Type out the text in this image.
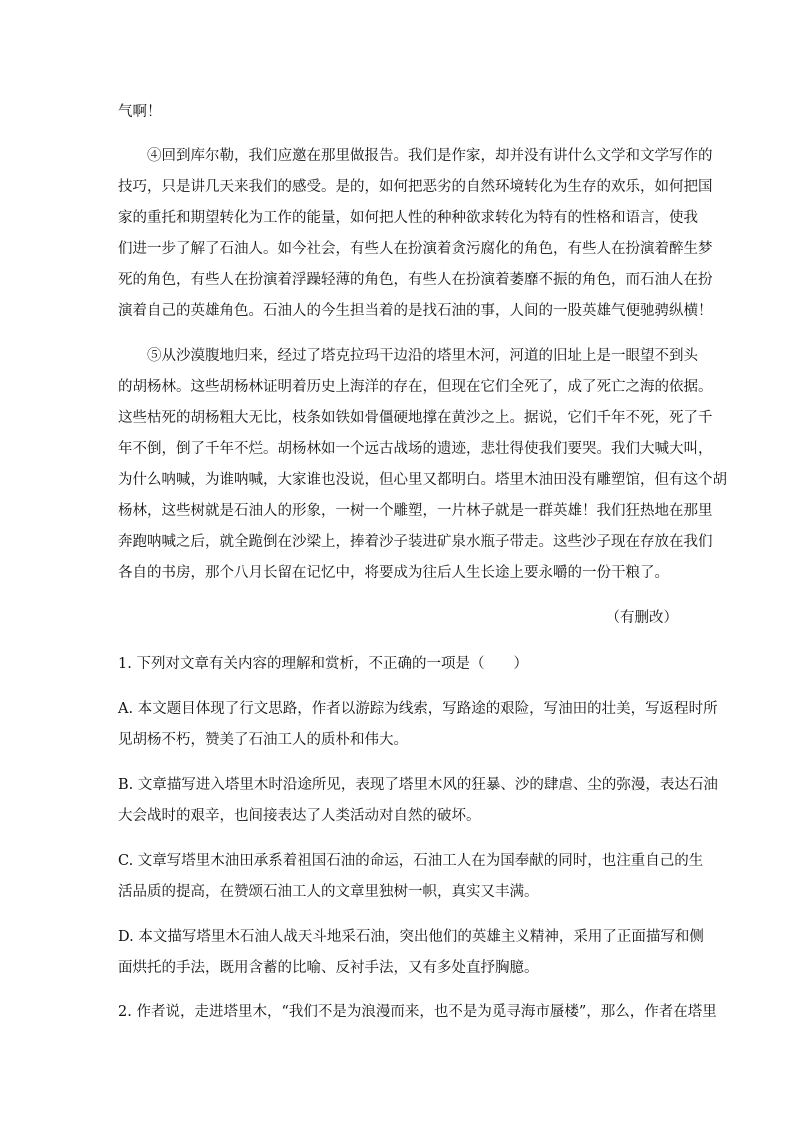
气啊！
④回到库尔勒，我们应邀在那里做报告。我们是作家，却并没有讲什么文学和文学写作的
技巧，只是讲几天来我们的感受。是的，如何把恶劣的自然环境转化为生存的欢乐，如何把国
家的重托和期望转化为工作的能量，如何把人性的种种欲求转化为特有的性格和语言，使我
们进一步了解了石油人。如今社会，有些人在扮演着贪污腐化的角色，有些人在扮演着醉生梦
死的角色，有些人在扮演着浮躁轻薄的角色，有些人在扮演着萎靡不振的角色，而石油人在扮
演着自己的英雄角色。石油人的今生担当着的是找石油的事，人间的一股英雄气便驰骋纵横！
⑤从沙漠腹地归来，经过了塔克拉玛干边沿的塔里木河，河道的旧址上是一眼望不到头
的胡杨林。这些胡杨林证明着历史上海洋的存在，但现在它们全死了，成了死亡之海的依据。
这些枯死的胡杨粗大无比，枝条如铁如骨僵硬地撑在黄沙之上。据说，它们千年不死，死了千
年不倒，倒了千年不烂。胡杨林如一个远古战场的遗迹，悲壮得使我们要哭。我们大喊大叫，
为什么呐喊，为谁呐喊，大家谁也没说，但心里又都明白。塔里木油田没有雕塑馆，但有这个胡
杨林，这些树就是石油人的形象，一树一个雕塑，一片林子就是一群英雄！我们狂热地在那里
奔跑呐喊之后，就全跪倒在沙梁上，捧着沙子装进矿泉水瓶子带走。这些沙子现在存放在我们
各自的书房，那个八月长留在记忆中，将要成为往后人生长途上要永嚼的一份干粮了。
（有删改）
1. 下列对文章有关内容的理解和赏析，不正确的一项是（　　）
A. 本文题目体现了行文思路，作者以游踪为线索，写路途的艰险，写油田的壮美，写返程时所
见胡杨不朽，赞美了石油工人的质朴和伟大。
B. 文章描写进入塔里木时沿途所见，表现了塔里木风的狂暴、沙的肆虐、尘的弥漫，表达石油
大会战时的艰辛，也间接表达了人类活动对自然的破坏。
C. 文章写塔里木油田承系着祖国石油的命运，石油工人在为国奉献的同时，也注重自己的生
活品质的提高，在赞颂石油工人的文章里独树一帜，真实又丰满。
D. 本文描写塔里木石油人战天斗地采石油，突出他们的英雄主义精神，采用了正面描写和侧
面烘托的手法，既用含蓄的比喻、反衬手法，又有多处直抒胸臆。
2. 作者说，走进塔里木，“我们不是为浪漫而来，也不是为觅寻海市蜃楼”，那么，作者在塔里
